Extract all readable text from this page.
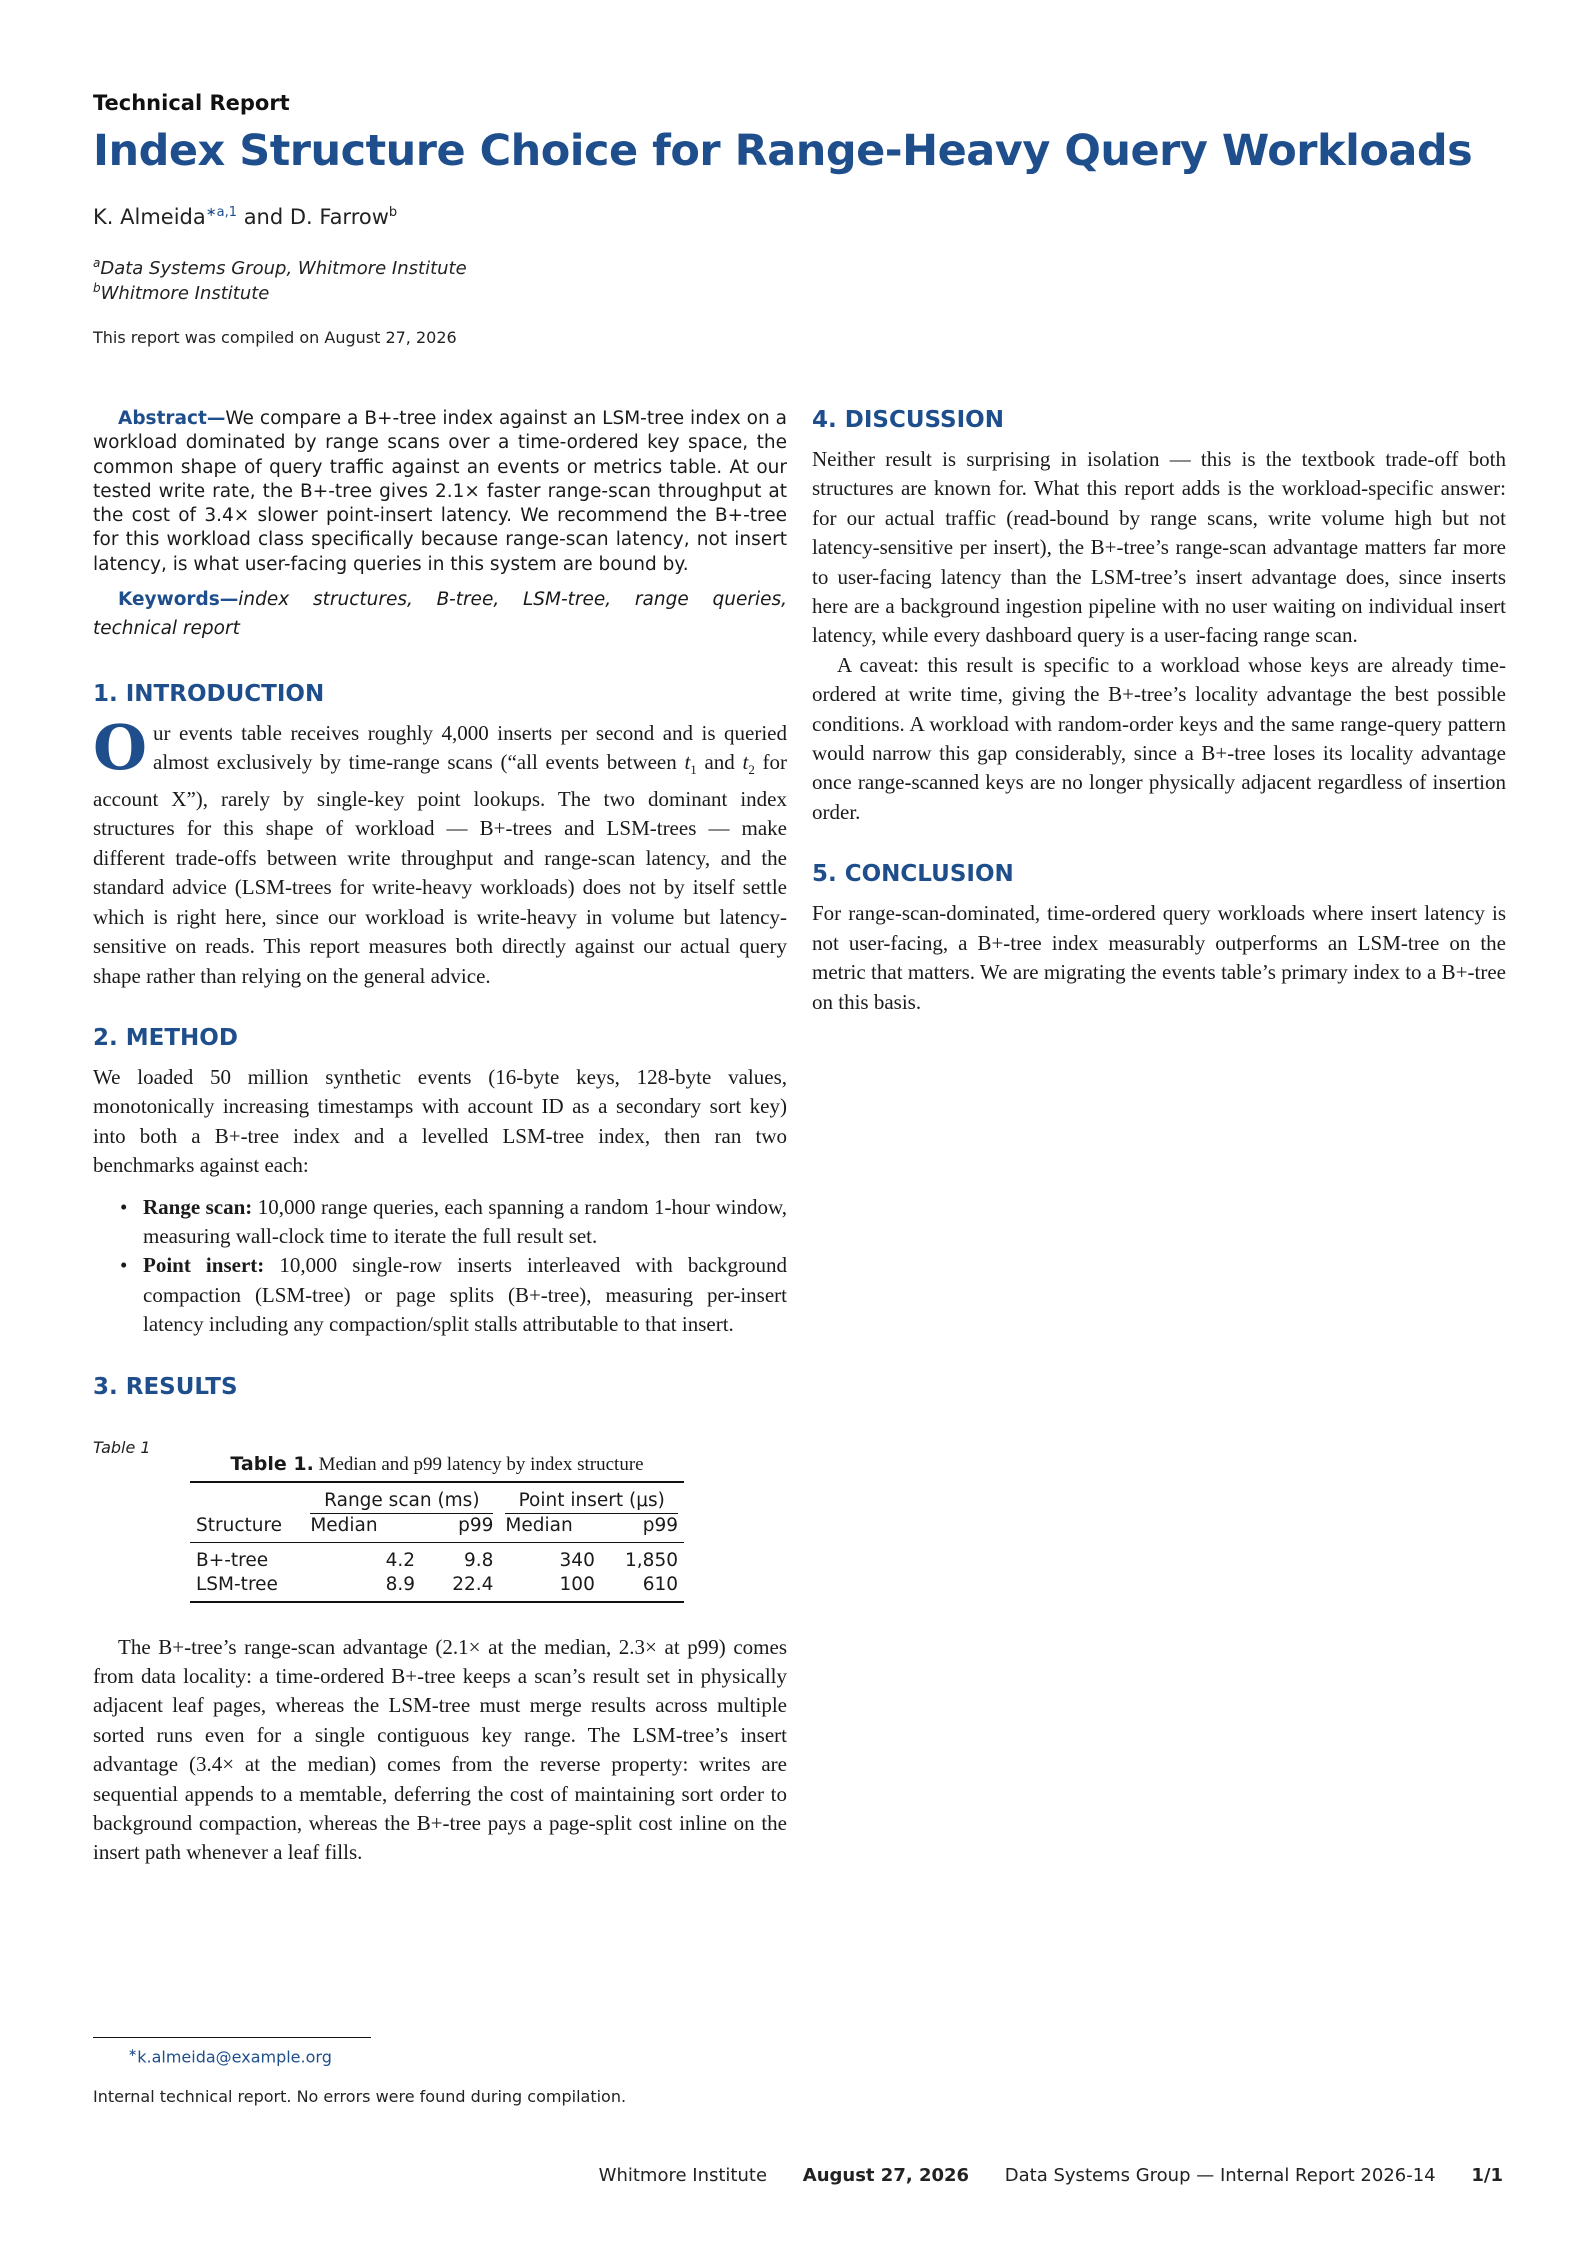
Technical Report
Index Structure Choice for Range-Heavy Query Workloads
K. Almeida$^{∗a,1}$ and D. Farrow$^b$
$^a$Data Systems Group, Whitmore Institute
$^b$Whitmore Institute
This report was compiled on August 27, 2026

Abstract—We compare a B+-tree index against an LSM-tree index on a workload dominated by range scans over a time-ordered key space, the common shape of query traffic against an events or metrics table. At our tested write rate, the B+-tree gives 2.1× faster range-scan throughput at the cost of 3.4× slower point-insert latency. We recommend the B+-tree for this workload class specifically because range-scan latency, not insert latency, is what user-facing queries in this system are bound by.

Keywords—index structures, B-tree, LSM-tree, range queries, technical report

1. INTRODUCTION

Our events table receives roughly 4,000 inserts per second and is queried almost exclusively by time-range scans (“all events between $t_1$ and $t_2$ for account X”), rarely by single-key point lookups. The two dominant index structures for this shape of workload — B+-trees and LSM-trees — make different trade-offs between write throughput and range-scan latency, and the standard advice (LSM-trees for write-heavy workloads) does not by itself settle which is right here, since our workload is write-heavy in volume but latency-sensitive on reads. This report measures both directly against our actual query shape rather than relying on the general advice.

2. METHOD

We loaded 50 million synthetic events (16-byte keys, 128-byte values, monotonically increasing timestamps with account ID as a secondary sort key) into both a B+-tree index and a levelled LSM-tree index, then ran two benchmarks against each:

• Range scan: 10,000 range queries, each spanning a random 1-hour window, measuring wall-clock time to iterate the full result set.
• Point insert: 10,000 single-row inserts interleaved with background compaction (LSM-tree) or page splits (B+-tree), measuring per-insert latency including any compaction/split stalls attributable to that insert.
3. RESULTS
Table 1
Table 1. Median and p99 latency by index structure

	Range scan (ms)		Point insert (μs)	

Structure	Median	p99	Median	p99
B+-tree	4.2	9.8	340	1,850
LSM-tree	8.9	22.4	100	610

The B+-tree’s range-scan advantage (2.1× at the median, 2.3× at p99) comes from data locality: a time-ordered B+-tree keeps a scan’s result set in physically adjacent leaf pages, whereas the LSM-tree must merge results across multiple sorted runs even for a single contiguous key range. The LSM-tree’s insert advantage (3.4× at the median) comes from the reverse property: writes are sequential appends to a memtable, deferring the cost of maintaining sort order to background compaction, whereas the B+-tree pays a page-split cost inline on the insert path whenever a leaf fills.

4. DISCUSSION

Neither result is surprising in isolation — this is the textbook trade-off both structures are known for. What this report adds is the workload-specific answer: for our actual traffic (read-bound by range scans, write volume high but not latency-sensitive per insert), the B+-tree’s range-scan advantage matters far more to user-facing latency than the LSM-tree’s insert advantage does, since inserts here are a background ingestion pipeline with no user waiting on individual insert latency, while every dashboard query is a user-facing range scan.

A caveat: this result is specific to a workload whose keys are already time-ordered at write time, giving the B+-tree’s locality advantage the best possible conditions. A workload with random-order keys and the same range-query pattern would narrow this gap considerably, since a B+-tree loses its locality advantage once range-scanned keys are no longer physically adjacent regardless of insertion order.

5. CONCLUSION

For range-scan-dominated, time-ordered query workloads where insert latency is not user-facing, a B+-tree index measurably outperforms an LSM-tree on the metric that matters. We are migrating the events table’s primary index to a B+-tree on this basis.

∗k.almeida@example.org
Internal technical report. No errors were found during compilation.
Whitmore Institute August 27, 2026 Data Systems Group — Internal Report 2026-14 1/1
